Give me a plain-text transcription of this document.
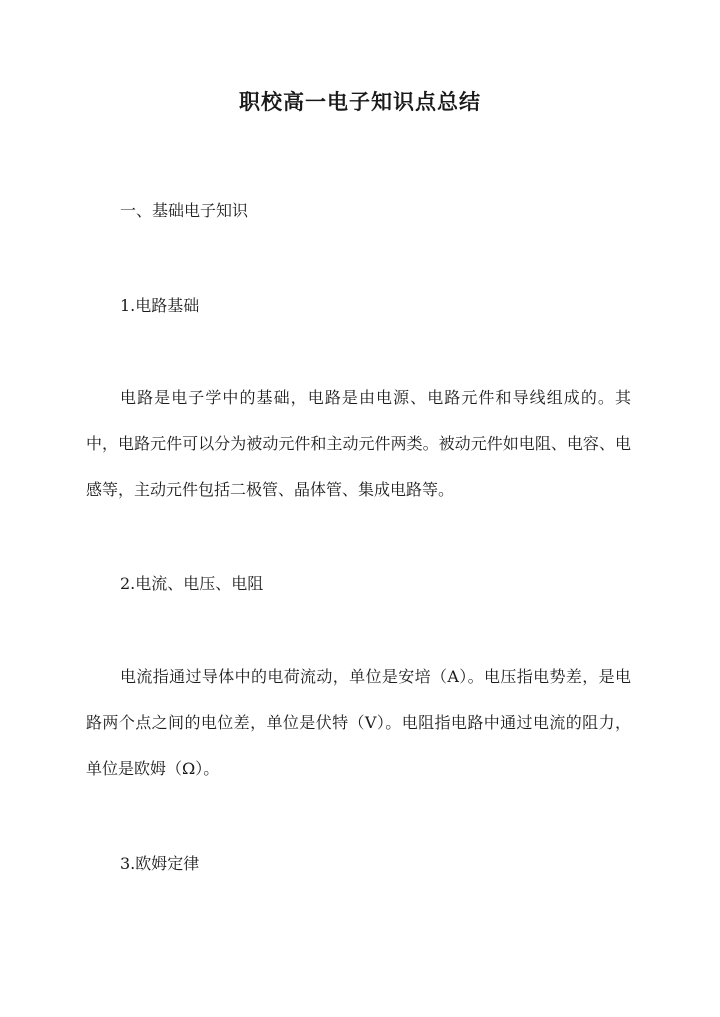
职校高一电子知识点总结
一、基础电子知识
1.电路基础

电路是电子学中的基础，电路是由电源、电路元件和导线组成的。其中，电路元件可以分为被动元件和主动元件两类。被动元件如电阻、电容、电感等，主动元件包括二极管、晶体管、集成电路等。

2.电流、电压、电阻

电流指通过导体中的电荷流动，单位是安培（A）。电压指电势差，是电路两个点之间的电位差，单位是伏特（V）。电阻指电路中通过电流的阻力，单位是欧姆（Ω）。

3.欧姆定律
